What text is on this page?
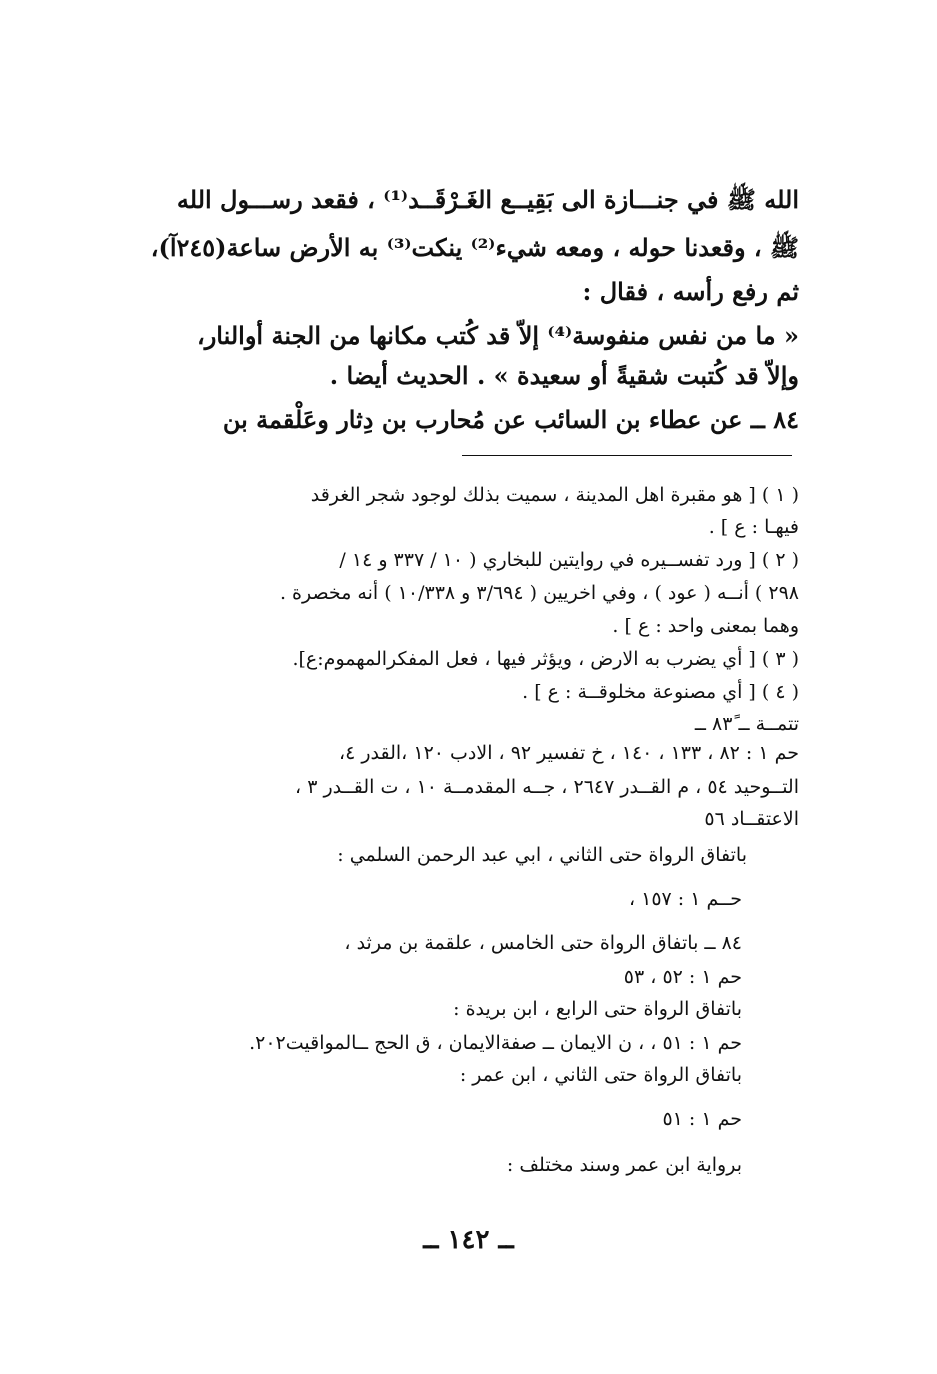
الله ﷺ في جنـــازة الى بَقِيــع الغَـرْقَــد⁽¹⁾ ، فقعد رســـول الله
ﷺ ، وقعدنا حوله ، ومعه شيء⁽²⁾ ينكت⁽³⁾ به الأرض ساعة(٢٤٥آ)،
ثم رفع رأسه ، فقال :
« ما من نفس منفوسة⁽⁴⁾ إلاّ قد كُتب مكانها من الجنة أوالنار،
وإلاّ قد كُتبت شقيةً أو سعيدة » . الحديث أيضا .
٨٤ً ــ عن عطاء بن السائب عن مُحارب بن دِثار وعَلْقمة بن
( ١ ) [ هو مقبرة اهل المدينة ، سميت بذلك لوجود شجر الغرقد
فيهـا : ع ] .
( ٢ ) [ ورد تفســيره في روايتين للبخاري ( ١٠ / ٣٣٧ و ١٤ /
٢٩٨ ) أنــه ( عود ) ، وفي اخريين ( ٣/٦٩٤ و ١٠/٣٣٨ ) أنه مخصرة .
وهما بمعنى واحد : ع ] .
( ٣ ) [ أي يضرب به الارض ، ويؤثر فيها ، فعل المفكرالمهموم:ع].
( ٤ ) [ أي مصنوعة مخلوقــة : ع ] .
تتمــة ــ ٨٣ً ــ
حم ١ : ٨٢ ، ١٣٣ ، ١٤٠ ، خ تفسير ٩٢ ، الادب ١٢٠ ،القدر ٤،
التــوحيد ٥٤ ، م القــدر ٢٦٤٧ ، جــه المقدمــة ١٠ ، ت القــدر ٣ ،
الاعتقــاد ٥٦
باتفاق الرواة حتى الثاني ، ابي عبد الرحمن السلمي :
حــم ١ : ١٥٧ ،
٨٤ ــ باتفاق الرواة حتى الخامس ، علقمة بن مرثد ،
حم ١ : ٥٢ ، ٥٣
باتفاق الرواة حتى الرابع ، ابن بريدة :
حم ١ : ٥١ ، ، ن الايمان ــ صفةالايمان ، ق الحج ــالمواقيت٢٠٢.
باتفاق الرواة حتى الثاني ، ابن عمر :
حم ١ : ٥١
برواية ابن عمر وسند مختلف :
ــ ١٤٢ ــ
